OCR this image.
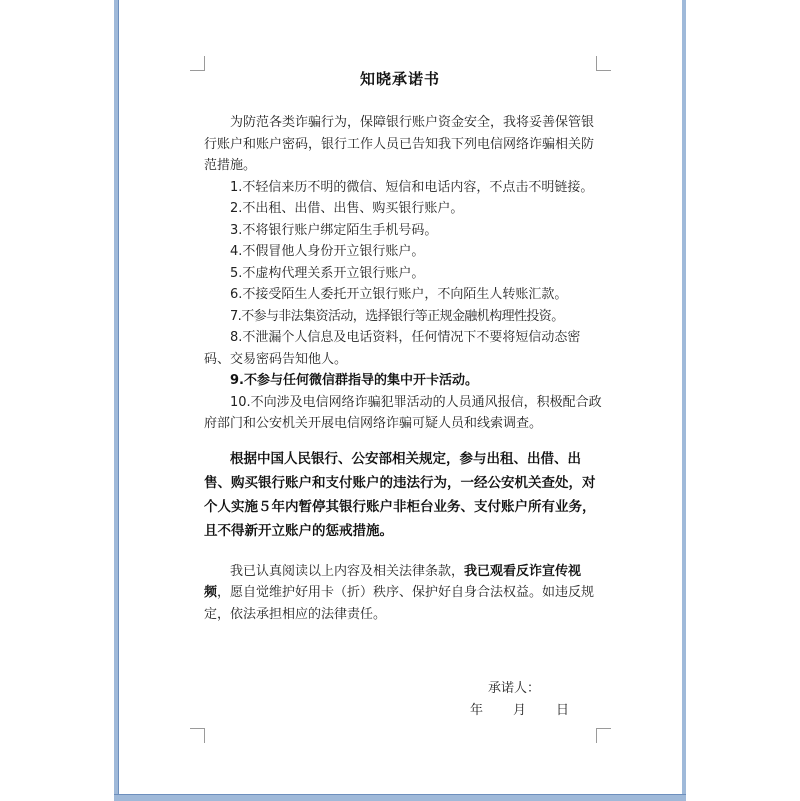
知晓承诺书

为防范各类诈骗行为，保障银行账户资金安全，我将妥善保管银行账户和账户密码，银行工作人员已告知我下列电信网络诈骗相关防范措施。

1.不轻信来历不明的微信、短信和电话内容，不点击不明链接。

2.不出租、出借、出售、购买银行账户。

3.不将银行账户绑定陌生手机号码。

4.不假冒他人身份开立银行账户。

5.不虚构代理关系开立银行账户。

6.不接受陌生人委托开立银行账户，不向陌生人转账汇款。

7.不参与非法集资活动，选择银行等正规金融机构理性投资。

8.不泄漏个人信息及电话资料，任何情况下不要将短信动态密码、交易密码告知他人。

9.不参与任何微信群指导的集中开卡活动。

10.不向涉及电信网络诈骗犯罪活动的人员通风报信，积极配合政府部门和公安机关开展电信网络诈骗可疑人员和线索调查。

根据中国人民银行、公安部相关规定，参与出租、出借、出售、购买银行账户和支付账户的违法行为，一经公安机关查处，对个人实施５年内暂停其银行账户非柜台业务、支付账户所有业务，且不得新开立账户的惩戒措施。

我已认真阅读以上内容及相关法律条款，我已观看反诈宣传视频，愿自觉维护好用卡（折）秩序、保护好自身合法权益。如违反规定，依法承担相应的法律责任。

承诺人：
年 月 日
